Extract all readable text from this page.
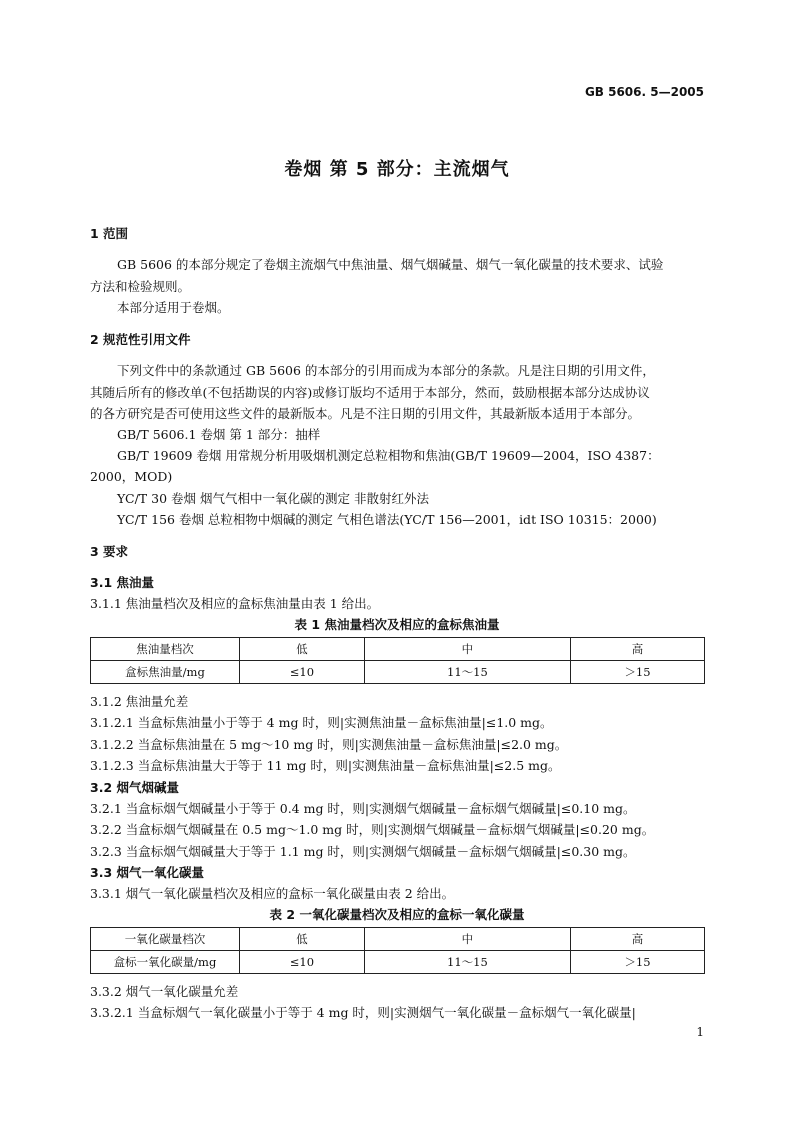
GB 5606. 5—2005
卷烟 第 5 部分：主流烟气
1 范围
GB 5606 的本部分规定了卷烟主流烟气中焦油量、烟气烟碱量、烟气一氧化碳量的技术要求、试验
方法和检验规则。
本部分适用于卷烟。
2 规范性引用文件
下列文件中的条款通过 GB 5606 的本部分的引用而成为本部分的条款。凡是注日期的引用文件，
其随后所有的修改单(不包括勘误的内容)或修订版均不适用于本部分，然而，鼓励根据本部分达成协议
的各方研究是否可使用这些文件的最新版本。凡是不注日期的引用文件，其最新版本适用于本部分。
GB/T 5606.1 卷烟 第 1 部分：抽样
GB/T 19609 卷烟 用常规分析用吸烟机测定总粒相物和焦油(GB/T 19609—2004，ISO 4387：
2000，MOD)
YC/T 30 卷烟 烟气气相中一氧化碳的测定 非散射红外法
YC/T 156 卷烟 总粒相物中烟碱的测定 气相色谱法(YC/T 156—2001，idt ISO 10315：2000)
3 要求
3.1 焦油量
3.1.1 焦油量档次及相应的盒标焦油量由表 1 给出。
表 1 焦油量档次及相应的盒标焦油量
焦油量档次	低	中	高
盒标焦油量/mg	≤10	11～15	＞15
3.1.2 焦油量允差
3.1.2.1 当盒标焦油量小于等于 4 mg 时，则|实测焦油量－盒标焦油量|≤1.0 mg。
3.1.2.2 当盒标焦油量在 5 mg～10 mg 时，则|实测焦油量－盒标焦油量|≤2.0 mg。
3.1.2.3 当盒标焦油量大于等于 11 mg 时，则|实测焦油量－盒标焦油量|≤2.5 mg。
3.2 烟气烟碱量
3.2.1 当盒标烟气烟碱量小于等于 0.4 mg 时，则|实测烟气烟碱量－盒标烟气烟碱量|≤0.10 mg。
3.2.2 当盒标烟气烟碱量在 0.5 mg～1.0 mg 时，则|实测烟气烟碱量－盒标烟气烟碱量|≤0.20 mg。
3.2.3 当盒标烟气烟碱量大于等于 1.1 mg 时，则|实测烟气烟碱量－盒标烟气烟碱量|≤0.30 mg。
3.3 烟气一氧化碳量
3.3.1 烟气一氧化碳量档次及相应的盒标一氧化碳量由表 2 给出。
表 2 一氧化碳量档次及相应的盒标一氧化碳量
一氧化碳量档次	低	中	高
盒标一氧化碳量/mg	≤10	11～15	＞15
3.3.2 烟气一氧化碳量允差
3.3.2.1 当盒标烟气一氧化碳量小于等于 4 mg 时，则|实测烟气一氧化碳量－盒标烟气一氧化碳量|
1
